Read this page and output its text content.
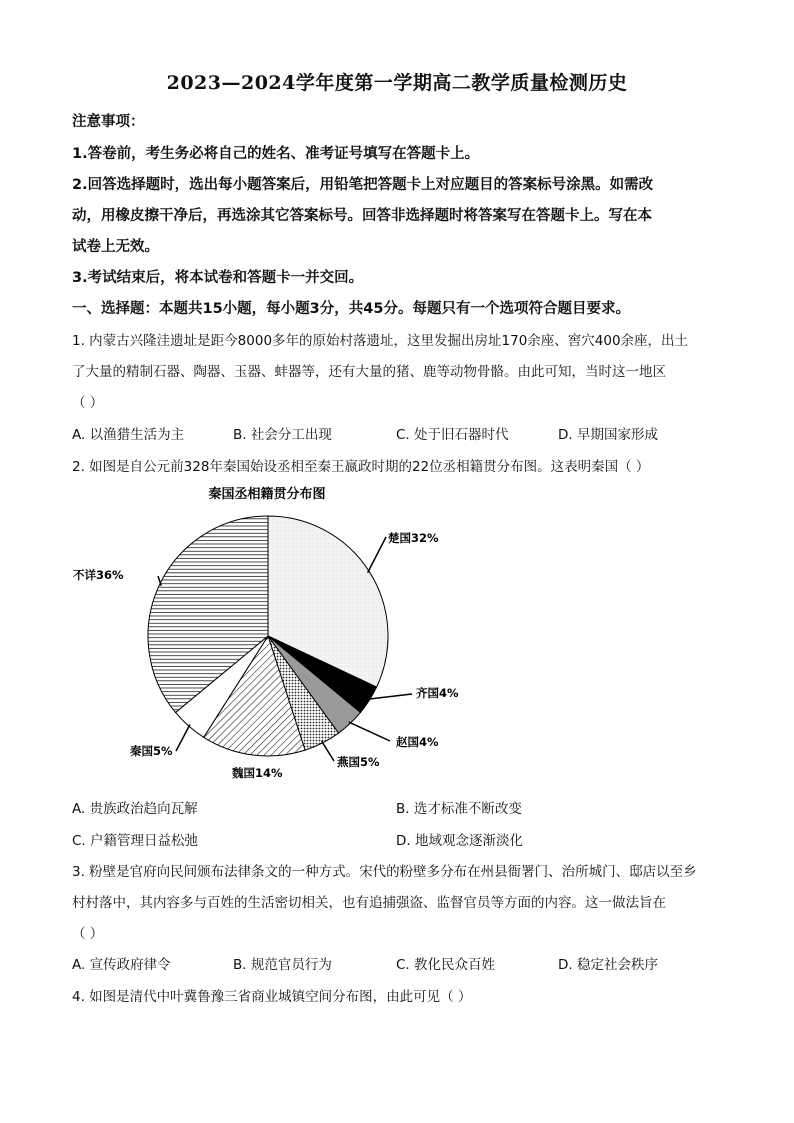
2023—2024学年度第一学期高二教学质量检测历史
注意事项：
1.答卷前，考生务必将自己的姓名、准考证号填写在答题卡上。
2.回答选择题时，选出每小题答案后，用铅笔把答题卡上对应题目的答案标号涂黑。如需改
动，用橡皮擦干净后，再选涂其它答案标号。回答非选择题时将答案写在答题卡上。写在本
试卷上无效。
3.考试结束后，将本试卷和答题卡一并交回。
一、选择题：本题共15小题，每小题3分，共45分。每题只有一个选项符合题目要求。
1. 内蒙古兴隆洼遗址是距今8000多年的原始村落遗址，这里发掘出房址170余座、窖穴400余座，出土
了大量的精制石器、陶器、玉器、蚌器等，还有大量的猪、鹿等动物骨骼。由此可知，当时这一地区
（ ）
A. 以渔猎生活为主	B. 社会分工出现	C. 处于旧石器时代	D. 早期国家形成
2. 如图是自公元前328年秦国始设丞相至秦王嬴政时期的22位丞相籍贯分布图。这表明秦国（ ）
秦国丞相籍贯分布图
楚国32%
齐国4%
赵国4%
燕国5%
魏国14%
秦国5%
不详36%
A. 贵族政治趋向瓦解	B. 选才标准不断改变
C. 户籍管理日益松弛	D. 地域观念逐渐淡化
3. 粉壁是官府向民间颁布法律条文的一种方式。宋代的粉壁多分布在州县衙署门、治所城门、邸店以至乡
村村落中，其内容多与百姓的生活密切相关，也有追捕强盗、监督官员等方面的内容。这一做法旨在
（ ）
A. 宣传政府律令	B. 规范官员行为	C. 教化民众百姓	D. 稳定社会秩序
4. 如图是清代中叶冀鲁豫三省商业城镇空间分布图，由此可见（ ）
